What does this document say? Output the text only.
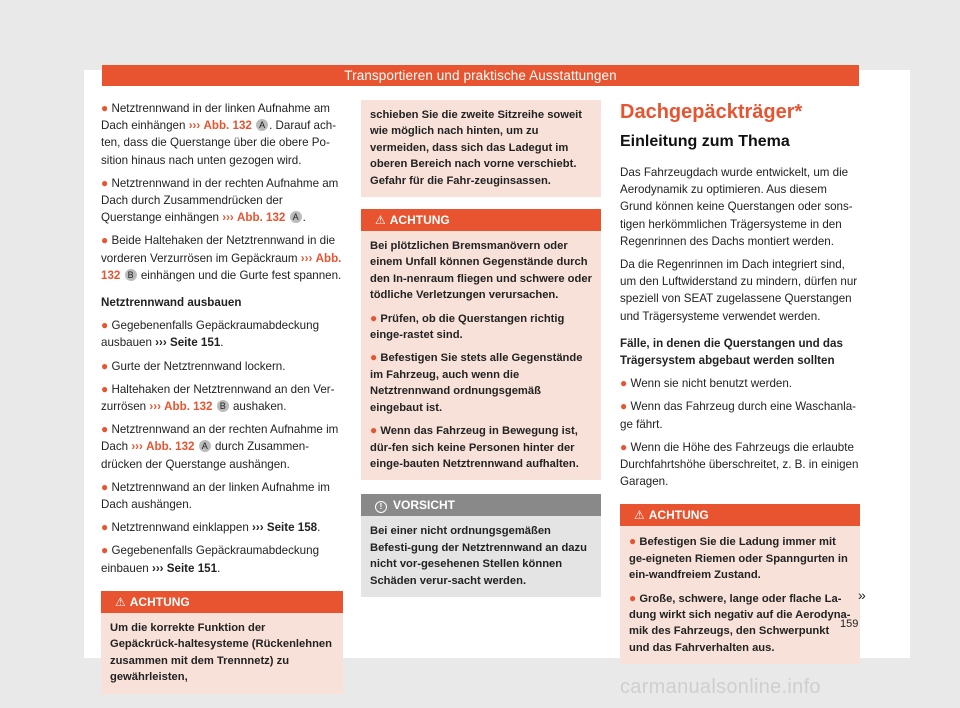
Transportieren und praktische Ausstattungen

● Netztrennwand in der linken Aufnahme am Dach einhängen ››› Abb. 132 A . Darauf ach-ten, dass die Querstange über die obere Po-sition hinaus nach unten gezogen wird.

● Netztrennwand in der rechten Aufnahme am Dach durch Zusammendrücken der Querstange einhängen ››› Abb. 132 A .

● Beide Haltehaken der Netztrennwand in die vorderen Verzurrösen im Gepäckraum ››› Abb. 132 B einhängen und die Gurte fest spannen.

Netztrennwand ausbauen

● Gegebenenfalls Gepäckraumabdeckung ausbauen ››› Seite 151.

● Gurte der Netztrennwand lockern.

● Haltehaken der Netztrennwand an den Ver-zurrösen ››› Abb. 132 B aushaken.

● Netztrennwand an der rechten Aufnahme im Dach ››› Abb. 132 A durch Zusammen-drücken der Querstange aushängen.

● Netztrennwand an der linken Aufnahme im Dach aushängen.

● Netztrennwand einklappen ››› Seite 158.

● Gegebenenfalls Gepäckraumabdeckung einbauen ››› Seite 151.

⚠ ACHTUNG

Um die korrekte Funktion der Gepäckrück-haltesysteme (Rückenlehnen zusammen mit dem Trennnetz) zu gewährleisten,

schieben Sie die zweite Sitzreihe soweit wie möglich nach hinten, um zu vermeiden, dass sich das Ladegut im oberen Bereich nach vorne verschiebt. Gefahr für die Fahr-zeuginsassen.

⚠ ACHTUNG

Bei plötzlichen Bremsmanövern oder einem Unfall können Gegenstände durch den In-nenraum fliegen und schwere oder tödliche Verletzungen verursachen.

● Prüfen, ob die Querstangen richtig einge-rastet sind.

● Befestigen Sie stets alle Gegenstände im Fahrzeug, auch wenn die Netztrennwand ordnungsgemäß eingebaut ist.

● Wenn das Fahrzeug in Bewegung ist, dür-fen sich keine Personen hinter der einge-bauten Netztrennwand aufhalten.

! VORSICHT

Bei einer nicht ordnungsgemäßen Befesti-gung der Netztrennwand an dazu nicht vor-gesehenen Stellen können Schäden verur-sacht werden.

Dachgepäckträger*
Einleitung zum Thema

Das Fahrzeugdach wurde entwickelt, um die Aerodynamik zu optimieren. Aus diesem Grund können keine Querstangen oder sons-tigen herkömmlichen Trägersysteme in den Regenrinnen des Dachs montiert werden.

Da die Regenrinnen im Dach integriert sind, um den Luftwiderstand zu mindern, dürfen nur speziell von SEAT zugelassene Querstangen und Trägersysteme verwendet werden.

Fälle, in denen die Querstangen und das Trägersystem abgebaut werden sollten

● Wenn sie nicht benutzt werden.

● Wenn das Fahrzeug durch eine Waschanla-ge fährt.

● Wenn die Höhe des Fahrzeugs die erlaubte Durchfahrtshöhe überschreitet, z. B. in einigen Garagen.

⚠ ACHTUNG

● Befestigen Sie die Ladung immer mit ge-eigneten Riemen oder Spanngurten in ein-wandfreiem Zustand.

● Große, schwere, lange oder flache La-dung wirkt sich negativ auf die Aerodyna-mik des Fahrzeugs, den Schwerpunkt und das Fahrverhalten aus.

»
159
carmanualsonline.info
